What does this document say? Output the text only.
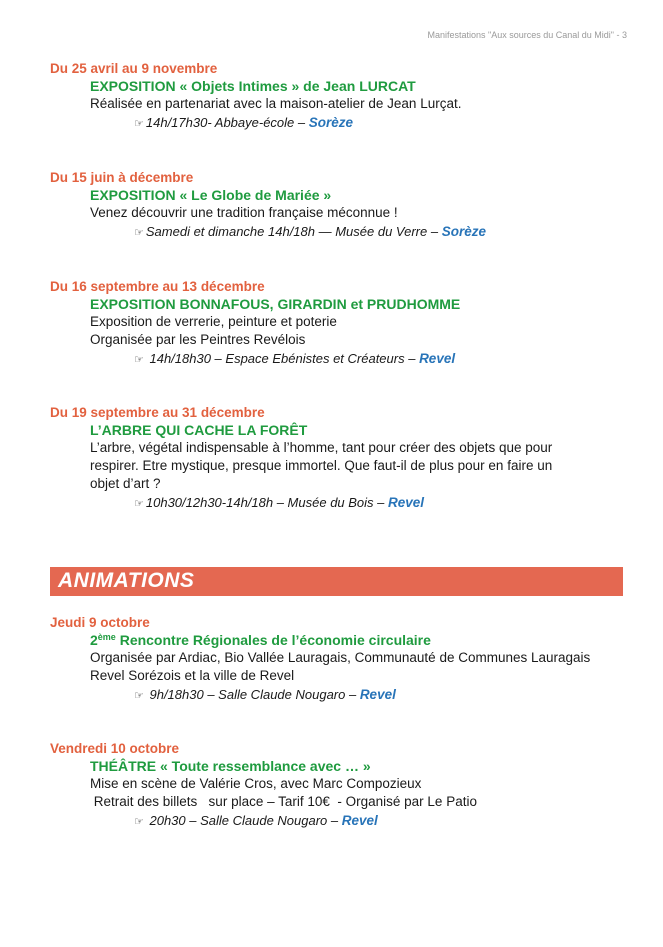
Manifestations "Aux sources du Canal du Midi" - 3
Du 25 avril au 9 novembre
EXPOSITION « Objets Intimes » de Jean LURCAT
Réalisée en partenariat avec la maison-atelier de Jean Lurçat.
☞ 14h/17h30- Abbaye-école – Sorèze
Du 15 juin à décembre
EXPOSITION « Le Globe de Mariée »
Venez découvrir une tradition française méconnue !
☞ Samedi et dimanche 14h/18h — Musée du Verre – Sorèze
Du 16 septembre au 13 décembre
EXPOSITION BONNAFOUS, GIRARDIN et PRUDHOMME
Exposition de verrerie, peinture et poterie
Organisée par les Peintres Revélois
☞ 14h/18h30 – Espace Ebénistes et Créateurs – Revel
Du 19 septembre au 31 décembre
L’ARBRE QUI CACHE LA FORÊT
L’arbre, végétal indispensable à l’homme, tant pour créer des objets que pour
respirer. Etre mystique, presque immortel. Que faut-il de plus pour en faire un
objet d’art ?
☞ 10h30/12h30-14h/18h – Musée du Bois – Revel
ANIMATIONS
Jeudi 9 octobre
2ème Rencontre Régionales de l’économie circulaire
Organisée par Ardiac, Bio Vallée Lauragais, Communauté de Communes Lauragais
Revel Sorézois et la ville de Revel
☞ 9h/18h30 – Salle Claude Nougaro – Revel
Vendredi 10 octobre
THÉÂTRE « Toute ressemblance avec … »
Mise en scène de Valérie Cros, avec Marc Compozieux
Retrait des billets   sur place – Tarif 10€  - Organisé par Le Patio
☞ 20h30 – Salle Claude Nougaro – Revel
